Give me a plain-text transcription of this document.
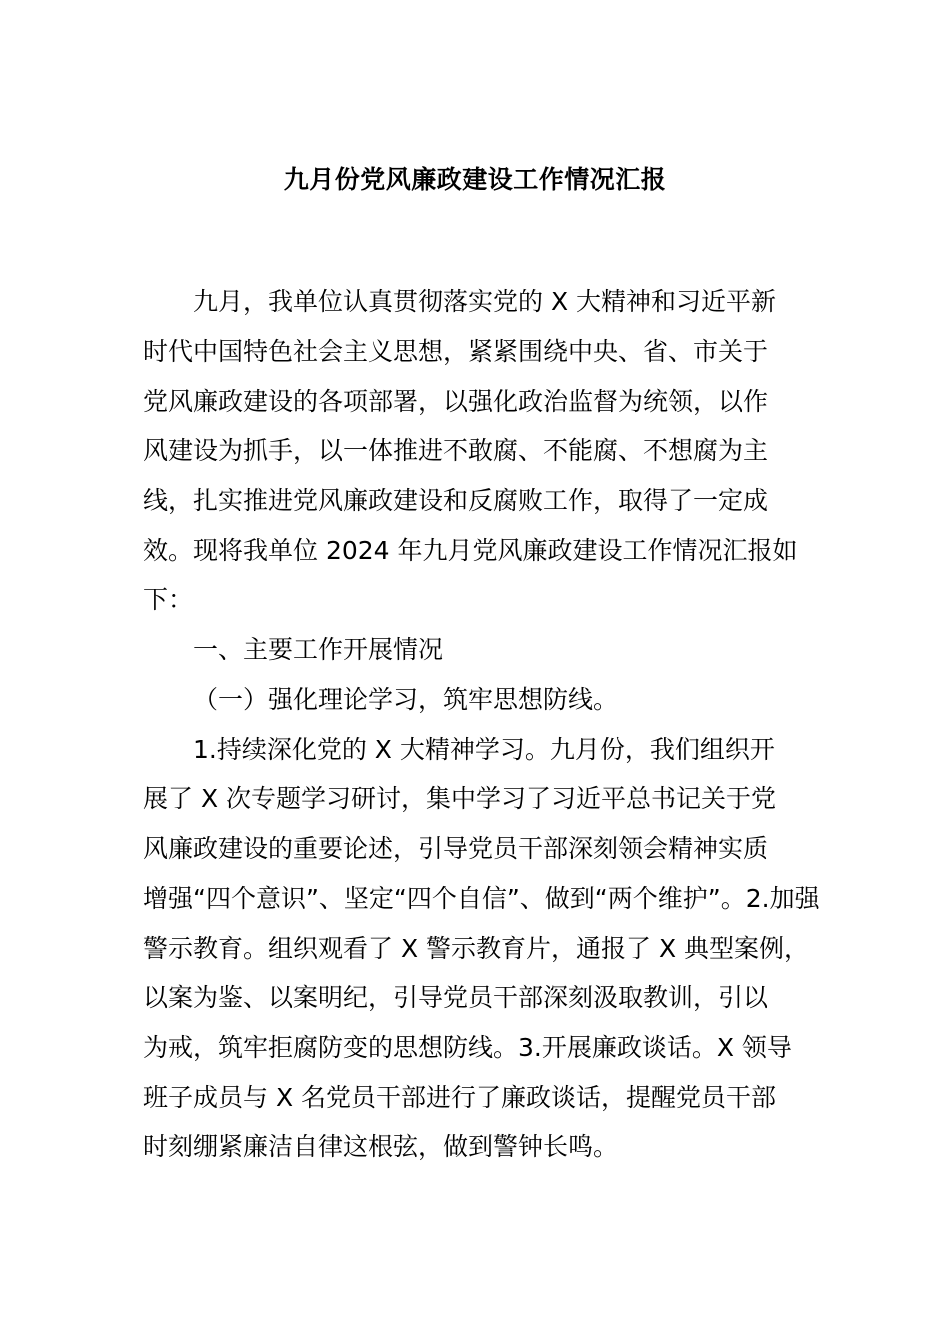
九月份党风廉政建设工作情况汇报
九月，我单位认真贯彻落实党的 X 大精神和习近平新
时代中国特色社会主义思想，紧紧围绕中央、省、市关于
党风廉政建设的各项部署，以强化政治监督为统领，以作
风建设为抓手，以一体推进不敢腐、不能腐、不想腐为主
线，扎实推进党风廉政建设和反腐败工作，取得了一定成
效。现将我单位 2024 年九月党风廉政建设工作情况汇报如
下：
一、主要工作开展情况
（一）强化理论学习，筑牢思想防线。
1.持续深化党的 X 大精神学习。九月份，我们组织开
展了 X 次专题学习研讨，集中学习了习近平总书记关于党
风廉政建设的重要论述，引导党员干部深刻领会精神实质
增强“四个意识”、坚定“四个自信”、做到“两个维护”。2.加强
警示教育。组织观看了 X 警示教育片，通报了 X 典型案例，
以案为鉴、以案明纪，引导党员干部深刻汲取教训，引以
为戒，筑牢拒腐防变的思想防线。3.开展廉政谈话。X 领导
班子成员与 X 名党员干部进行了廉政谈话，提醒党员干部
时刻绷紧廉洁自律这根弦，做到警钟长鸣。
